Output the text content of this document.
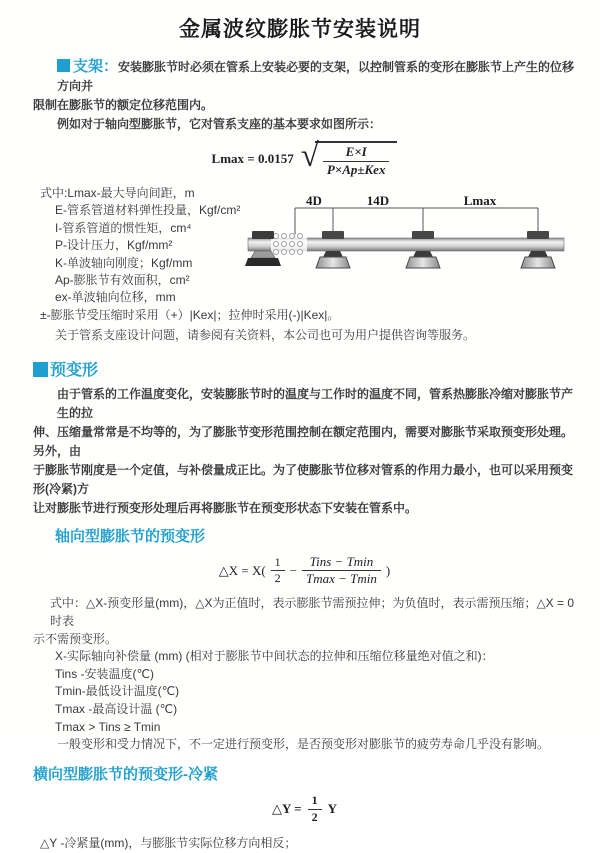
金属波纹膨胀节安装说明

支架：安装膨胀节时必须在管系上安装必要的支架，以控制管系的变形在膨胀节上产生的位移方向并

限制在膨胀节的额定位移范围内。

例如对于轴向型膨胀节，它对管系支座的基本要求如图所示：

Lmax = 0.0157 √ $\frac{E\times I}{\text{P×Ap±Kex}}$

式中:Lmax-最大导向间距，m

E-管系管道材料弹性投量，Kgf/cm²

I-管系管道的惯性矩，cm⁴

P-设计压力，Kgf/mm²

K-单波轴向刚度；Kgf/mm

Ap-膨胀节有效面积，cm²

ex-单波轴向位移，mm

±-膨胀节受压缩时采用（+）|Kex|；拉伸时采用(-)|Kex|。

关于管系支座设计问题，请参阅有关资料，本公司也可为用户提供咨询等服务。

预变形

由于管系的工作温度变化，安装膨胀节时的温度与工作时的温度不同，管系热膨胀冷缩对膨胀节产生的拉

伸、压缩量常常是不均等的，为了膨胀节变形范围控制在额定范围内，需要对膨胀节采取预变形处理。另外，由

于膨胀节刚度是一个定值，与补偿量成正比。为了使膨胀节位移对管系的作用力最小，也可以采用预变形(冷紧)方

让对膨胀节进行预变形处理后再将膨胀节在预变形状态下安装在管系中。

轴向型膨胀节的预变形
△X = $X( \frac{1}{2} - \frac{\text{Tins − Tmin}}{Tmax - Tmin}$ )

式中：△X-预变形量(mm)，△X为正值时，表示膨胀节需预拉伸；为负值时，表示需预压缩；△X = 0时表

示不需预变形。

X-实际轴向补偿量 (mm) (相对于膨胀节中间状态的拉伸和压缩位移量绝对值之和)：

Tins -安装温度(℃)

Tmin-最低设计温度(℃)

Tmax -最高设计温 (℃)

Tmax > Tins ≥ Tmin

一般变形和受力情况下，不一定进行预变形，是否预变形对膨胀节的疲劳寿命几乎没有影响。

横向型膨胀节的预变形-冷紧
△Y = $\frac{1}{2}$ Y

△Y -冷紧量(mm)，与膨胀节实际位移方向相反；

4D	14D	Lmax
